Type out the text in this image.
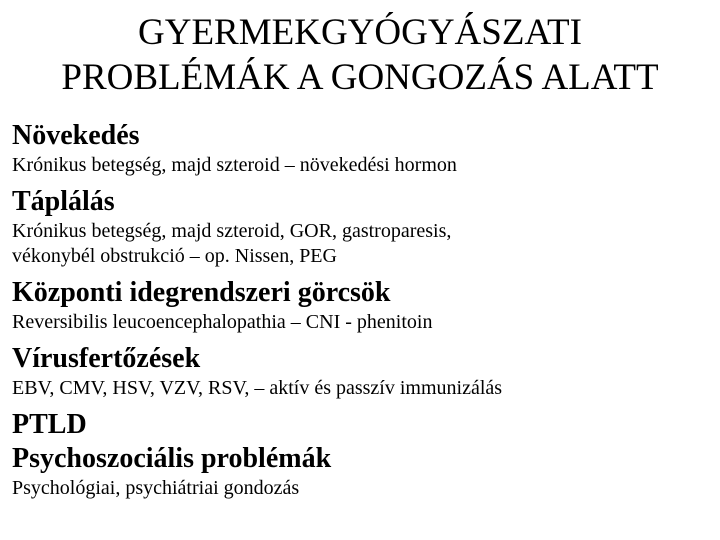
GYERMEKGYÓGYÁSZATI
PROBLÉMÁK A GONGOZÁS ALATT

Növekedés

Krónikus betegség, majd szteroid – növekedési hormon

Táplálás

Krónikus betegség, majd szteroid, GOR, gastroparesis,
vékonybél obstrukció – op. Nissen, PEG

Központi idegrendszeri görcsök

Reversibilis leucoencephalopathia – CNI - phenitoin

Vírusfertőzések

EBV, CMV, HSV, VZV, RSV, – aktív és passzív immunizálás

PTLD

Psychoszociális problémák

Psychológiai, psychiátriai gondozás
